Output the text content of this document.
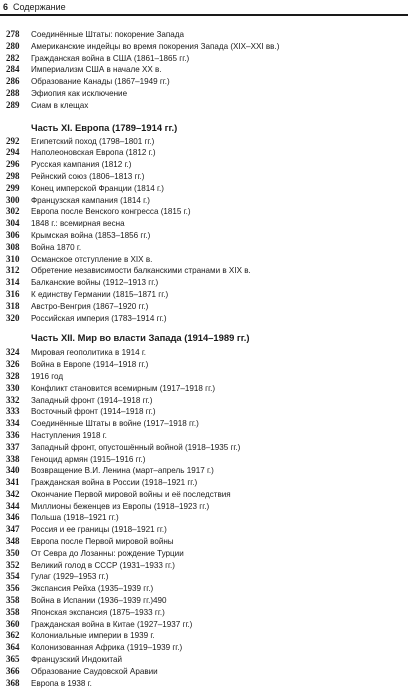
6 Содержание
278	Соединённые Штаты: покорение Запада
280	Американские индейцы во время покорения Запада (XIX–XXI вв.)
282	Гражданская война в США (1861–1865 гг.)
284	Империализм США в начале XX в.
286	Образование Канады (1867–1949 гг.)
288	Эфиопия как исключение
289	Сиам в клещах
Часть XI. Европа (1789–1914 гг.)
292	Египетский поход (1798–1801 гг.)
294	Наполеоновская Европа (1812 г.)
296	Русская кампания (1812 г.)
298	Рейнский союз (1806–1813 гг.)
299	Конец имперской Франции (1814 г.)
300	Французская кампания (1814 г.)
302	Европа после Венского конгресса (1815 г.)
304	1848 г.: всемирная весна
306	Крымская война (1853–1856 гг.)
308	Война 1870 г.
310	Османское отступление в XIX в.
312	Обретение независимости балканскими странами в XIX в.
314	Балканские войны (1912–1913 гг.)
316	К единству Германии (1815–1871 гг.)
318	Австро-Венгрия (1867–1920 гг.)
320	Российская империя (1783–1914 гг.)
Часть XII. Мир во власти Запада (1914–1989 гг.)
324	Мировая геополитика в 1914 г.
326	Война в Европе (1914–1918 гг.)
328	1916 год
330	Конфликт становится всемирным (1917–1918 гг.)
332	Западный фронт (1914–1918 гг.)
333	Восточный фронт (1914–1918 гг.)
334	Соединённые Штаты в войне (1917–1918 гг.)
336	Наступления 1918 г.
337	Западный фронт, опустошённый войной (1918–1935 гг.)
338	Геноцид армян (1915–1916 гг.)
340	Возвращение В.И. Ленина (март–апрель 1917 г.)
341	Гражданская война в России (1918–1921 гг.)
342	Окончание Первой мировой войны и её последствия
344	Миллионы беженцев из Европы (1918–1923 гг.)
346	Польша (1918–1921 гг.)
347	Россия и ее границы (1918–1921 гг.)
348	Европа после Первой мировой войны
350	От Севра до Лозанны: рождение Турции
352	Великий голод в СССР (1931–1933 гг.)
354	Гулаг (1929–1953 гг.)
356	Экспансия Рейха (1935–1939 гг.)
358	Война в Испании (1936–1939 гг.)490
358	Японская экспансия (1875–1933 гг.)
360	Гражданская война в Китае (1927–1937 гг.)
362	Колониальные империи в 1939 г.
364	Колонизованная Африка (1919–1939 гг.)
365	Французский Индокитай
366	Образование Саудовской Аравии
368	Европа в 1938 г.
